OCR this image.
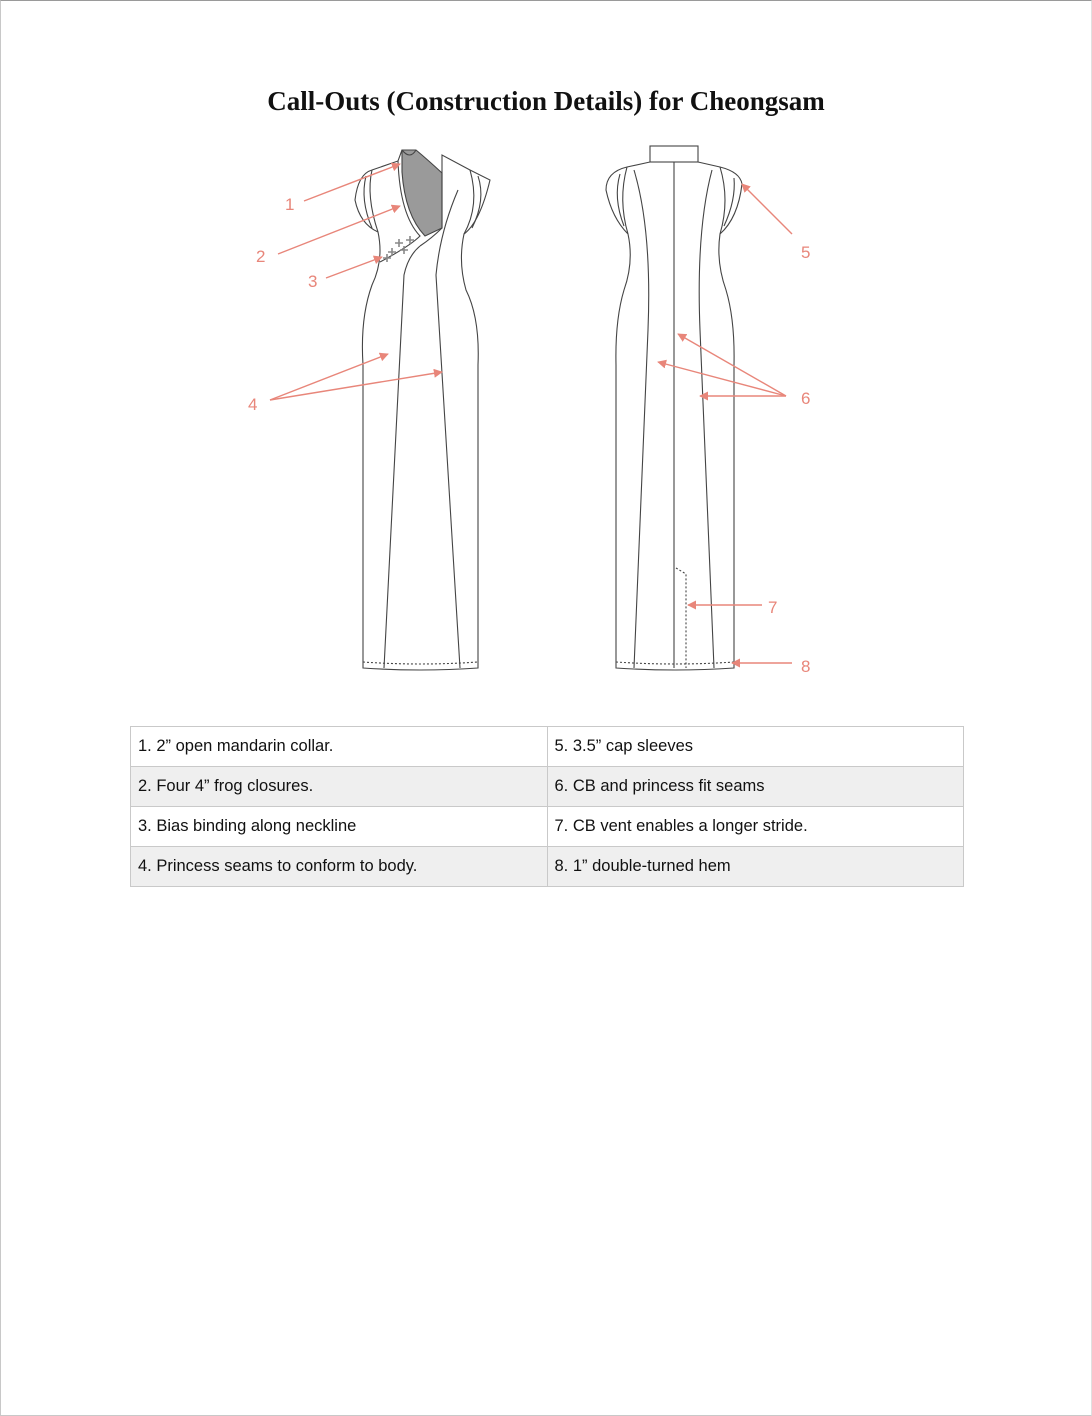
Call-Outs (Construction Details) for Cheongsam
1
2
3
4
5
6
7
8
1. 2” open mandarin collar.	5. 3.5” cap sleeves
2. Four 4” frog closures.	6. CB and princess fit seams
3. Bias binding along neckline	7. CB vent enables a longer stride.
4. Princess seams to conform to body.	8. 1” double-turned hem
